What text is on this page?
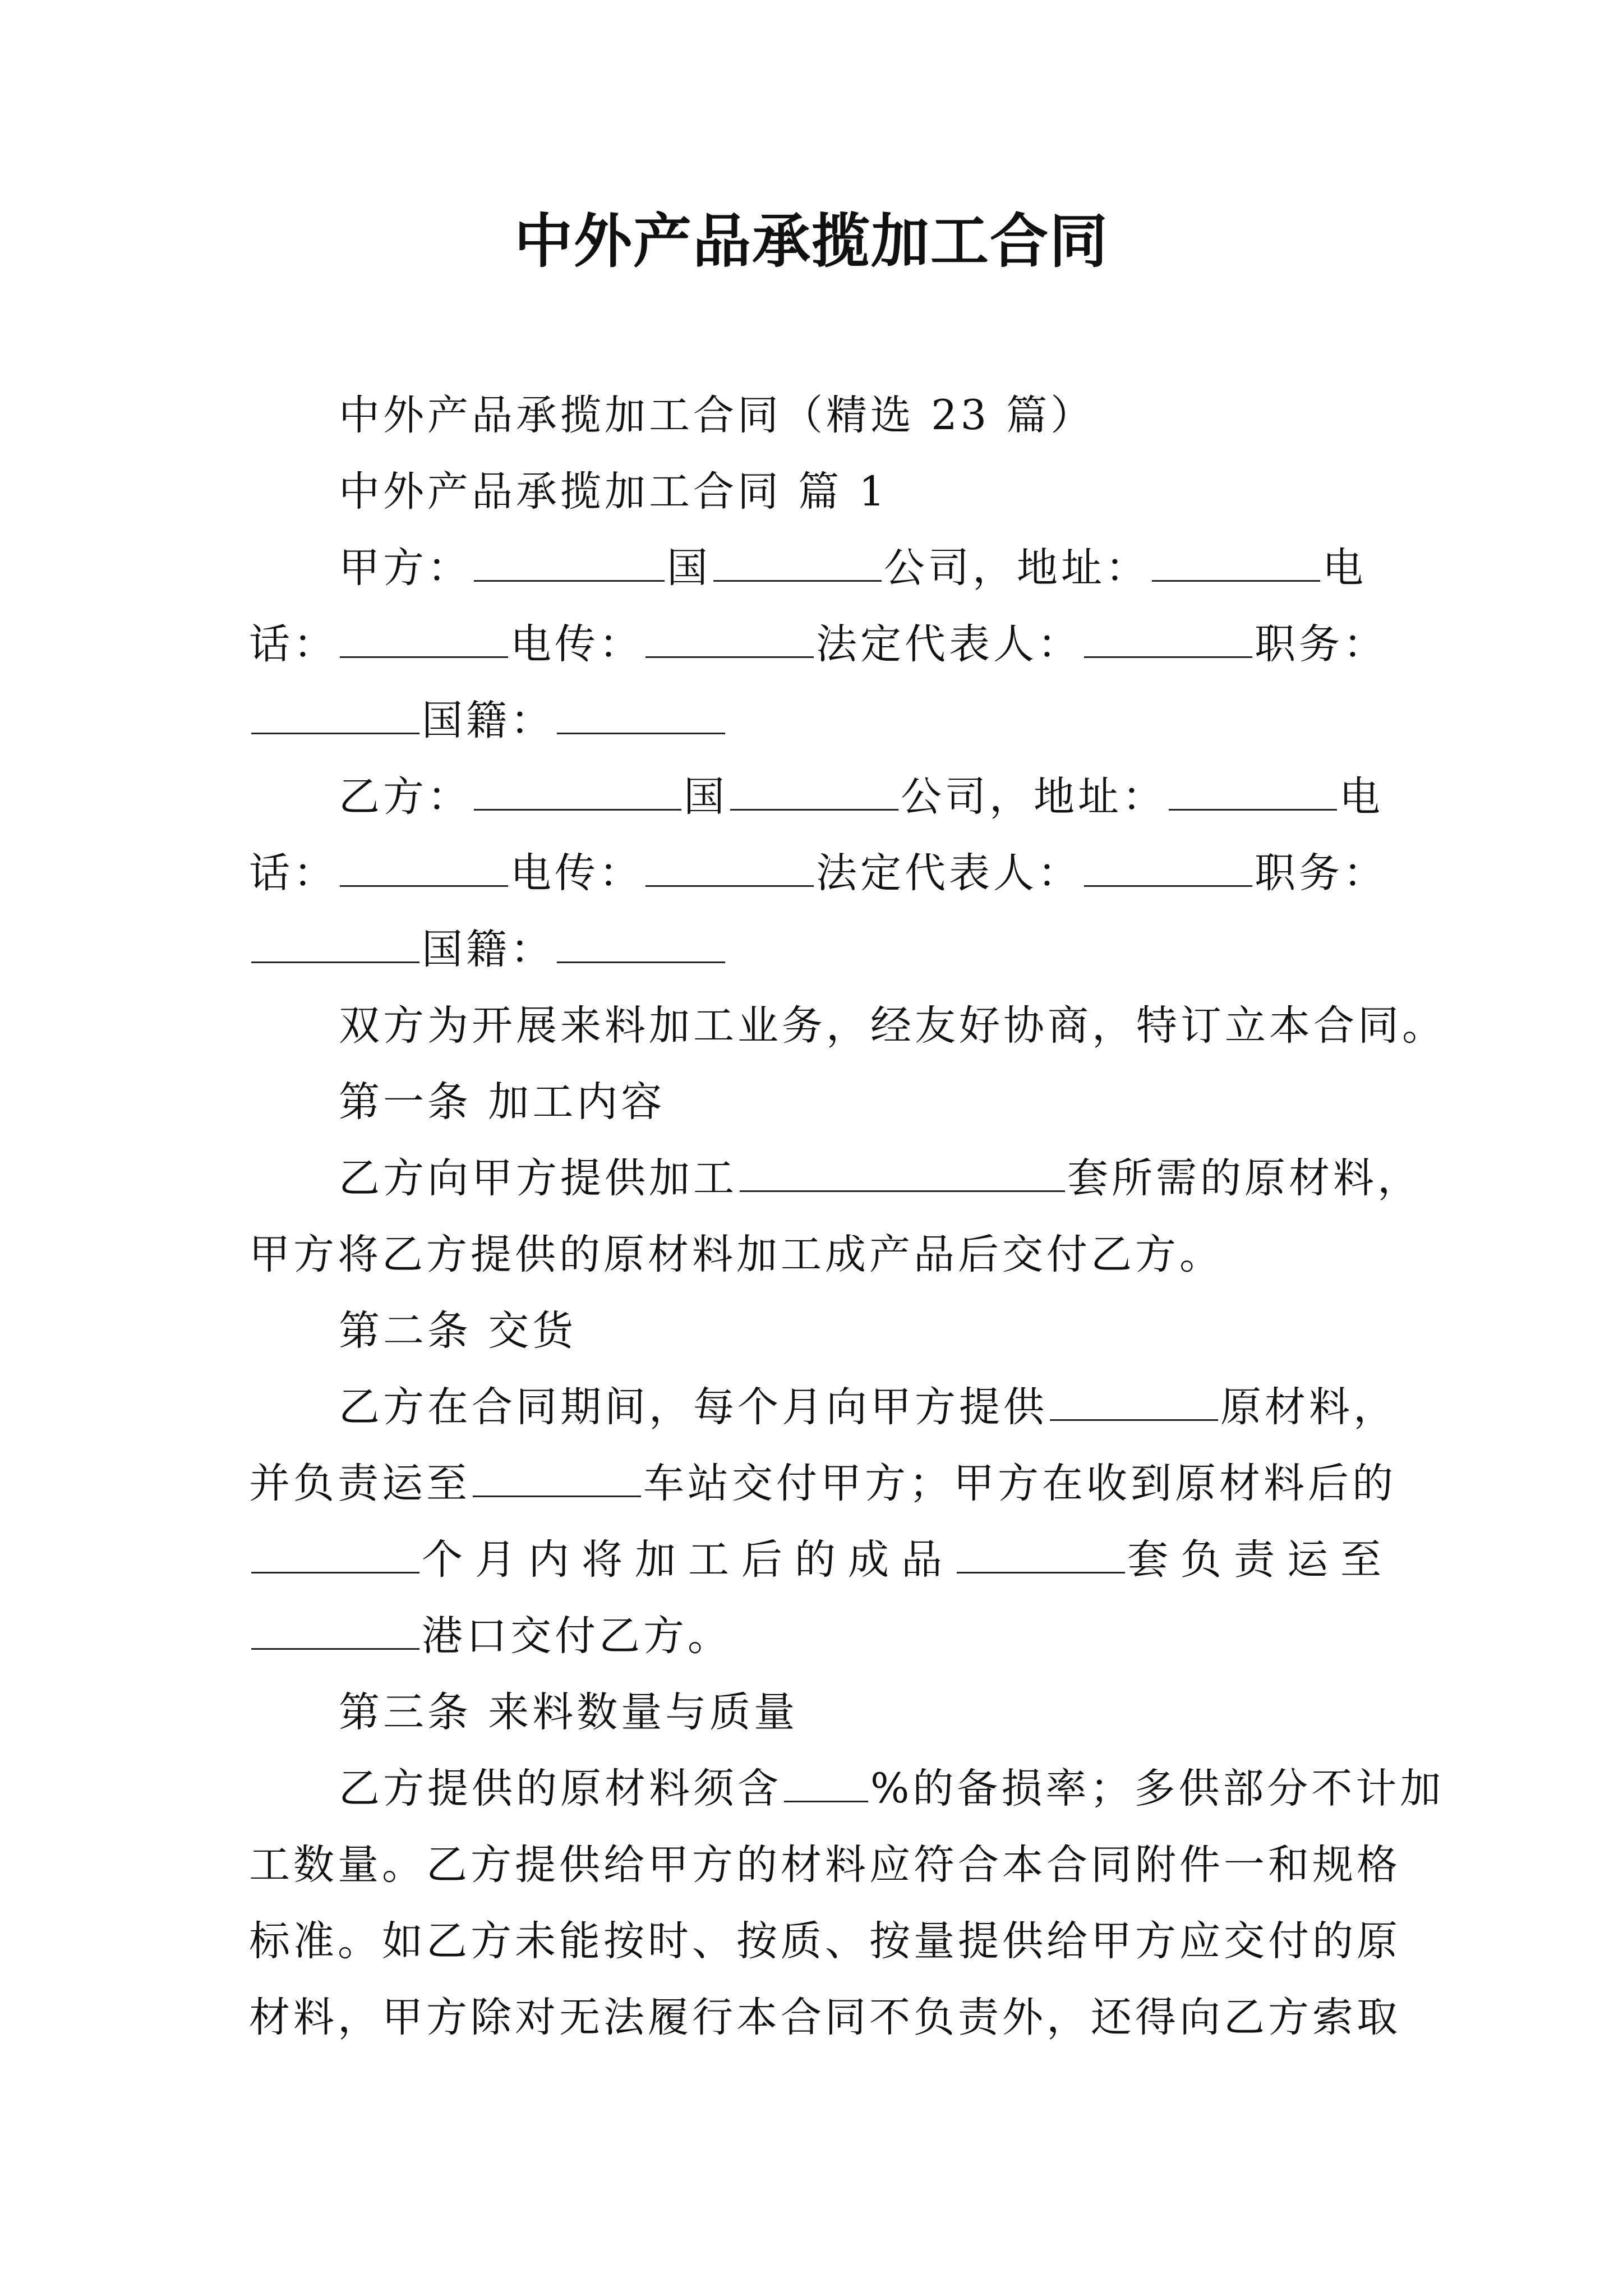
中外产品承揽加工合同
中外产品承揽加工合同（精选 23 篇）
中外产品承揽加工合同 篇 1
甲方：	国	公司，地址：	电
话：	电传：	法定代表人：	职务：
国籍：
乙方：	国	公司，地址：	电
话：	电传：	法定代表人：	职务：
国籍：
双方为开展来料加工业务，经友好协商，特订立本合同。
第一条 加工内容
乙方向甲方提供加工	套所需的原材料，
甲方将乙方提供的原材料加工成产品后交付乙方。
第二条 交货
乙方在合同期间，每个月向甲方提供	原材料，
并负责运至	车站交付甲方；甲方在收到原材料后的
个月内将加工后的成品	套负责运至
港口交付乙方。
第三条 来料数量与质量
乙方提供的原材料须含 %的备损率；多供部分不计加
工数量。乙方提供给甲方的材料应符合本合同附件一和规格
标准。如乙方未能按时、按质、按量提供给甲方应交付的原
材料，甲方除对无法履行本合同不负责外，还得向乙方索取
